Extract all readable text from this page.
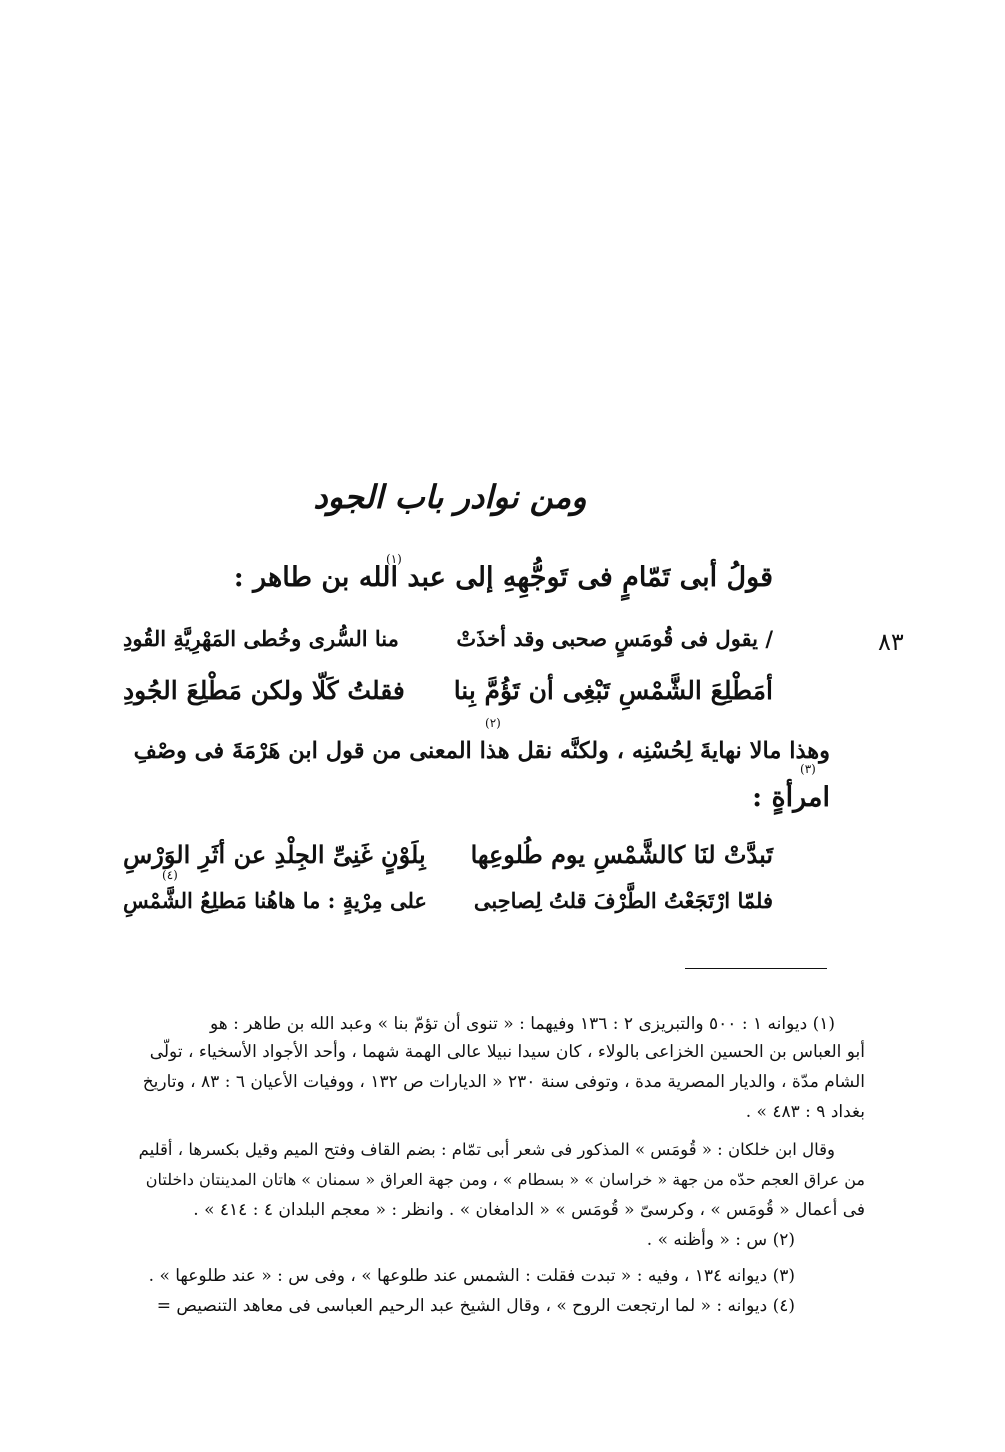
ومن نوادر باب الجود
قولُ أبى تَمّامٍ فى تَوجُّهِهِ إلى عبد الله بن طاهر :
(١)
٨٣
/ يقول فى قُومَسٍ صحبى وقد أخذَتْ
منا السُّرى وخُطى المَهْرِيَّةِ القُودِ
أمَطْلِعَ الشَّمْسِ تَبْغِى أن تَؤُمَّ بِنا
فقلتُ كَلّا ولكن مَطْلِعَ الجُودِ
(٢)
وهذا مالا نهايةَ لِحُسْنِه ، ولكنَّه نقل هذا المعنى من قول ابن هَرْمَةَ فى وصْفِ
(٣)
امرأةٍ :
تَبدَّتْ لنَا كالشَّمْسِ يوم طُلوعِها
بِلَوْنٍ غَنِىِّ الجِلْدِ عن أثَرِ الوَرْسِ
(٤)
فلمّا ارْتَجَعْتُ الطَّرْفَ قلتُ لِصاحِبى
على مِرْيةٍ : ما هاهُنا مَطلِعُ الشَّمْسِ
(١) ديوانه ١ : ٥٠٠ والتبريزى ٢ : ١٣٦ وفيهما : « تنوى أن تؤمّ بنا » وعبد الله بن طاهر : هو
أبو العباس بن الحسين الخزاعى بالولاء ، كان سيدا نبيلا عالى الهمة شهما ، وأحد الأجواد الأسخياء ، تولّى
الشام مدّة ، والديار المصرية مدة ، وتوفى سنة ٢٣٠ « الديارات ص ١٣٢ ، ووفيات الأعيان ٦ : ٨٣ ، وتاريخ
بغداد ٩ : ٤٨٣ » .
وقال ابن خلكان : « قُومَس » المذكور فى شعر أبى تمّام : بضم القاف وفتح الميم وقيل بكسرها ، أقليم
من عراق العجم حدّه من جهة « خراسان » « بسطام » ، ومن جهة العراق « سمنان » هاتان المدينتان داخلتان
فى أعمال « قُومَس » ، وكرسىّ « قُومَس » « الدامغان » . وانظر : « معجم البلدان ٤ : ٤١٤ » .
(٢) س : « وأظنه » .
(٣) ديوانه ١٣٤ ، وفيه : « تبدت فقلت : الشمس عند طلوعها » ، وفى س : « عند طلوعها » .
(٤) ديوانه : « لما ارتجعت الروح » ، وقال الشيخ عبد الرحيم العباسى فى معاهد التنصيص =
